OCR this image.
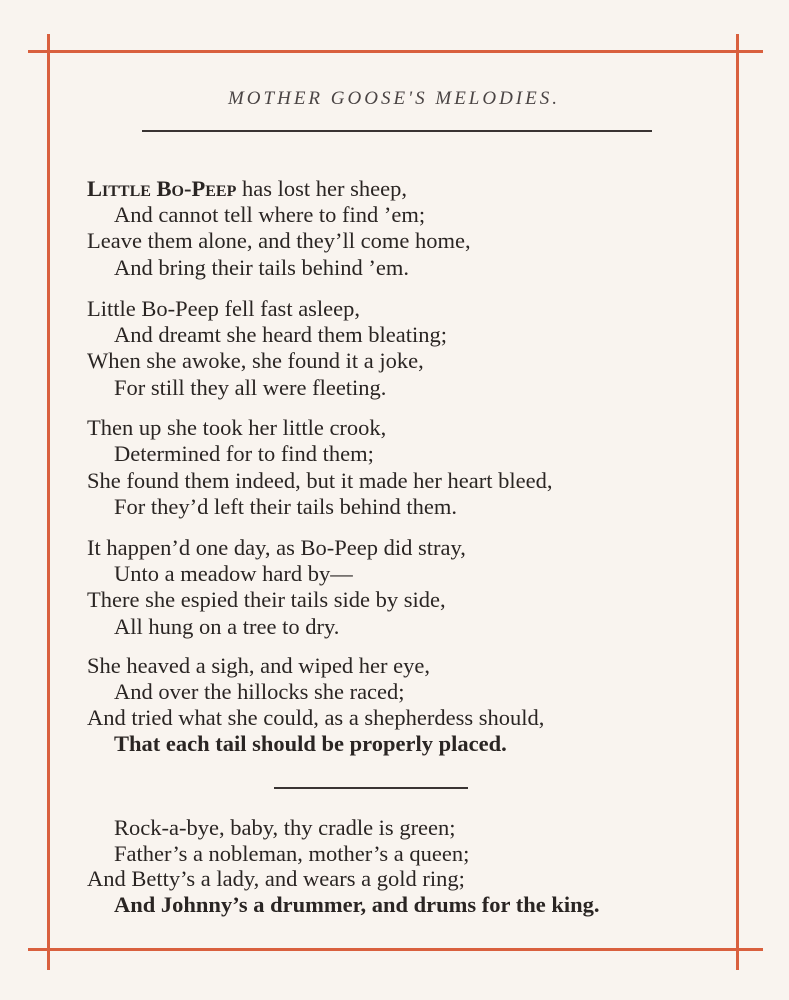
MOTHER GOOSE'S MELODIES.
Little Bo-Peep has lost her sheep,
And cannot tell where to find ’em;
Leave them alone, and they’ll come home,
And bring their tails behind ’em.
Little Bo-Peep fell fast asleep,
And dreamt she heard them bleating;
When she awoke, she found it a joke,
For still they all were fleeting.
Then up she took her little crook,
Determined for to find them;
She found them indeed, but it made her heart bleed,
For they’d left their tails behind them.
It happen’d one day, as Bo-Peep did stray,
Unto a meadow hard by—
There she espied their tails side by side,
All hung on a tree to dry.
She heaved a sigh, and wiped her eye,
And over the hillocks she raced;
And tried what she could, as a shepherdess should,
That each tail should be properly placed.
Rock-a-bye, baby, thy cradle is green;
Father’s a nobleman, mother’s a queen;
And Betty’s a lady, and wears a gold ring;
And Johnny’s a drummer, and drums for the king.
